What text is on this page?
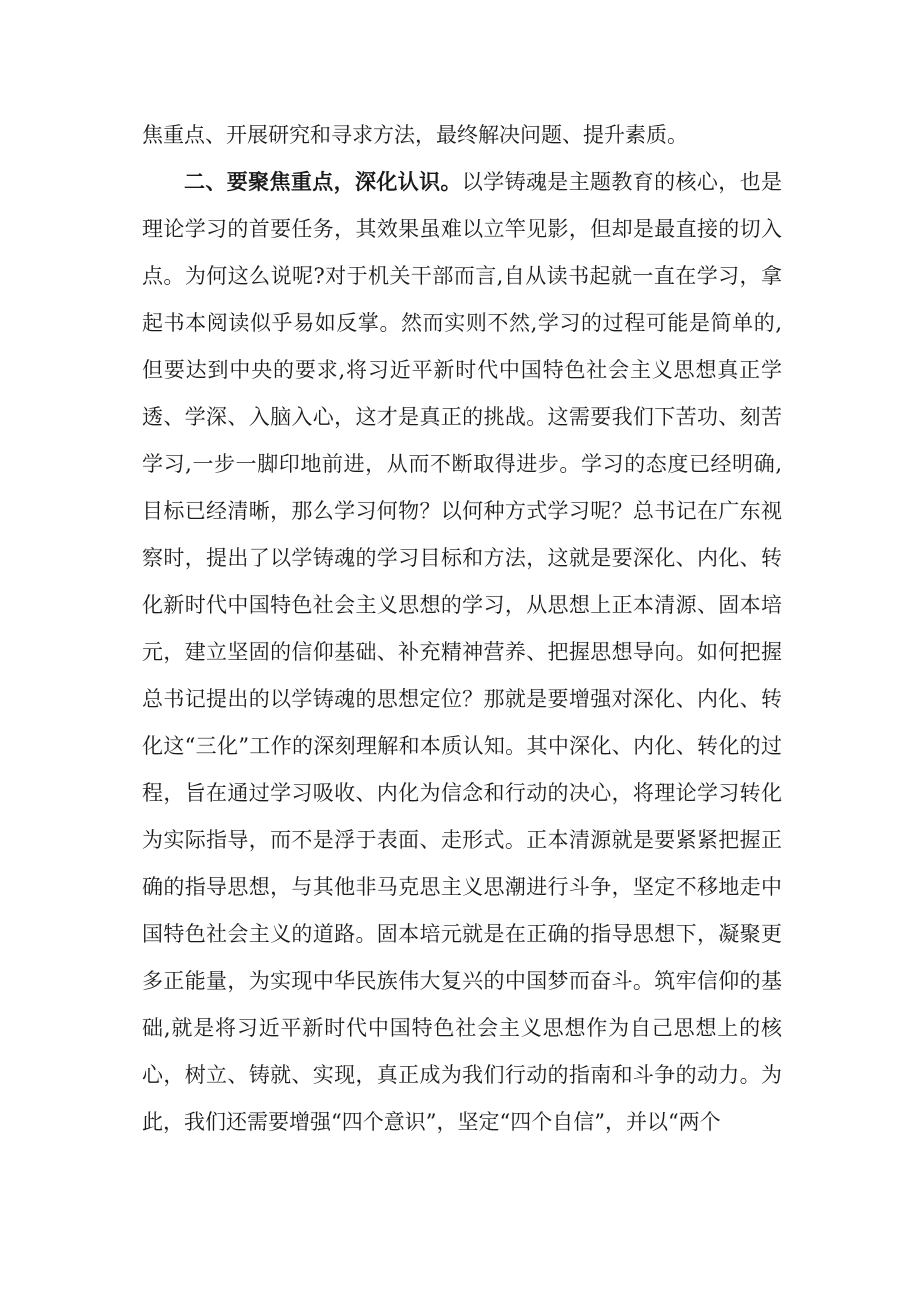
焦重点、开展研究和寻求方法，最终解决问题、提升素质。

二、要聚焦重点，深化认识。以学铸魂是主题教育的核心，也是理论学习的首要任务，其效果虽难以立竿见影，但却是最直接的切入点。为何这么说呢?对于机关干部而言,自从读书起就一直在学习，拿起书本阅读似乎易如反掌。然而实则不然,学习的过程可能是简单的,但要达到中央的要求,将习近平新时代中国特色社会主义思想真正学透、学深、入脑入心，这才是真正的挑战。这需要我们下苦功、刻苦学习,一步一脚印地前进，从而不断取得进步。学习的态度已经明确,目标已经清晰，那么学习何物？以何种方式学习呢？总书记在广东视察时，提出了以学铸魂的学习目标和方法，这就是要深化、内化、转化新时代中国特色社会主义思想的学习，从思想上正本清源、固本培元，建立坚固的信仰基础、补充精神营养、把握思想导向。如何把握总书记提出的以学铸魂的思想定位？那就是要增强对深化、内化、转化这“三化”工作的深刻理解和本质认知。其中深化、内化、转化的过程，旨在通过学习吸收、内化为信念和行动的决心，将理论学习转化为实际指导，而不是浮于表面、走形式。正本清源就是要紧紧把握正确的指导思想，与其他非马克思主义思潮进行斗争，坚定不移地走中国特色社会主义的道路。固本培元就是在正确的指导思想下，凝聚更多正能量，为实现中华民族伟大复兴的中国梦而奋斗。筑牢信仰的基础,就是将习近平新时代中国特色社会主义思想作为自己思想上的核心，树立、铸就、实现，真正成为我们行动的指南和斗争的动力。为此，我们还需要增强“四个意识”，坚定“四个自信”，并以“两个
